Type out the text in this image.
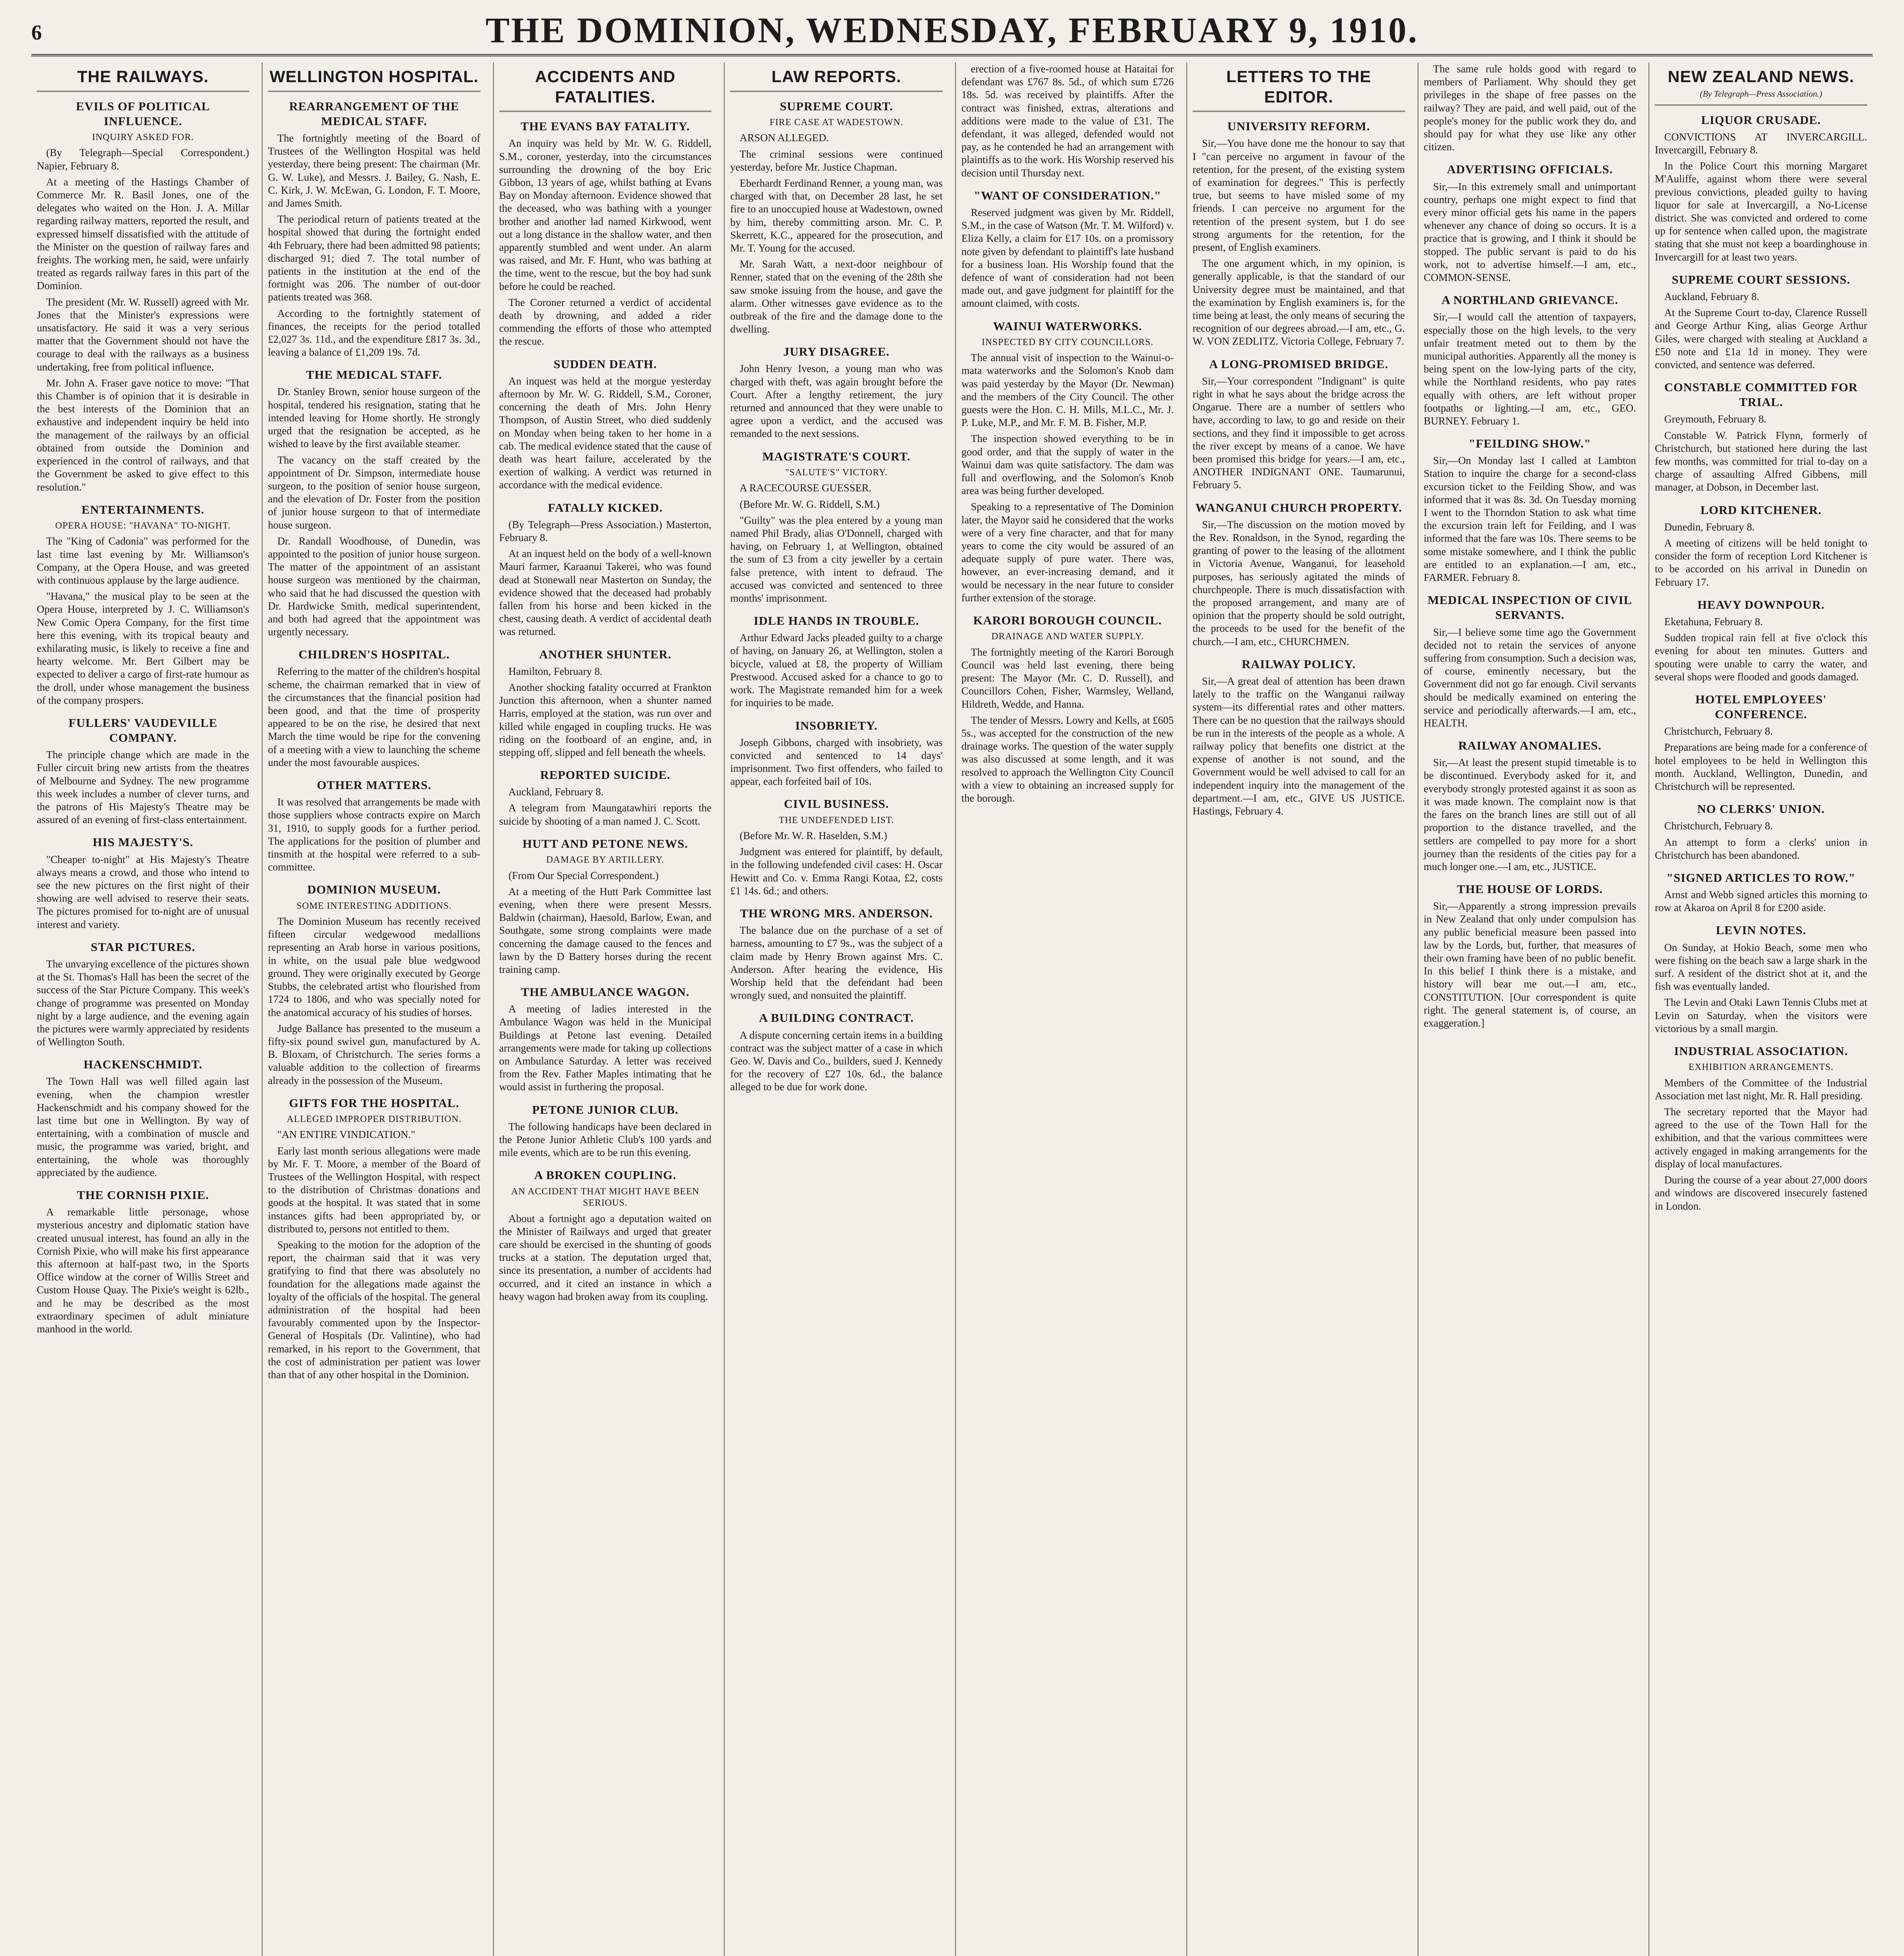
6	THE DOMINION, WEDNESDAY, FEBRUARY 9, 1910.
THE RAILWAYS.
EVILS OF POLITICAL INFLUENCE.
INQUIRY ASKED FOR.

(By Telegraph—Special Correspondent.) Napier, February 8.

At a meeting of the Hastings Chamber of Commerce Mr. R. Basil Jones, one of the delegates who waited on the Hon. J. A. Millar regarding railway matters, reported the result, and expressed himself dissatisfied with the attitude of the Minister on the question of railway fares and freights. The working men, he said, were unfairly treated as regards railway fares in this part of the Dominion.

The president (Mr. W. Russell) agreed with Mr. Jones that the Minister's expressions were unsatisfactory. He said it was a very serious matter that the Government should not have the courage to deal with the railways as a business undertaking, free from political influence.

Mr. John A. Fraser gave notice to move: "That this Chamber is of opinion that it is desirable in the best interests of the Dominion that an exhaustive and independent inquiry be held into the management of the railways by an official obtained from outside the Dominion and experienced in the control of railways, and that the Government be asked to give effect to this resolution."

ENTERTAINMENTS.
OPERA HOUSE: "HAVANA" TO-NIGHT.

The "King of Cadonia" was performed for the last time last evening by Mr. Williamson's Company, at the Opera House, and was greeted with continuous applause by the large audience.

"Havana," the musical play to be seen at the Opera House, interpreted by J. C. Williamson's New Comic Opera Company, for the first time here this evening, with its tropical beauty and exhilarating music, is likely to receive a fine and hearty welcome. Mr. Bert Gilbert may be expected to deliver a cargo of first-rate humour as the droll, under whose management the business of the company prospers.

FULLERS' VAUDEVILLE COMPANY.

The principle change which are made in the Fuller circuit bring new artists from the theatres of Melbourne and Sydney. The new programme this week includes a number of clever turns, and the patrons of His Majesty's Theatre may be assured of an evening of first-class entertainment.

HIS MAJESTY'S.

"Cheaper to-night" at His Majesty's Theatre always means a crowd, and those who intend to see the new pictures on the first night of their showing are well advised to reserve their seats. The pictures promised for to-night are of unusual interest and variety.

STAR PICTURES.

The unvarying excellence of the pictures shown at the St. Thomas's Hall has been the secret of the success of the Star Picture Company. This week's change of programme was presented on Monday night by a large audience, and the evening again the pictures were warmly appreciated by residents of Wellington South.

HACKENSCHMIDT.

The Town Hall was well filled again last evening, when the champion wrestler Hackenschmidt and his company showed for the last time but one in Wellington. By way of entertaining, with a combination of muscle and music, the programme was varied, bright, and entertaining, the whole was thoroughly appreciated by the audience.

THE CORNISH PIXIE.

A remarkable little personage, whose mysterious ancestry and diplomatic station have created unusual interest, has found an ally in the Cornish Pixie, who will make his first appearance this afternoon at half-past two, in the Sports Office window at the corner of Willis Street and Custom House Quay. The Pixie's weight is 62lb., and he may be described as the most extraordinary specimen of adult miniature manhood in the world.

WELLINGTON HOSPITAL.
REARRANGEMENT OF THE MEDICAL STAFF.

The fortnightly meeting of the Board of Trustees of the Wellington Hospital was held yesterday, there being present: The chairman (Mr. G. W. Luke), and Messrs. J. Bailey, G. Nash, E. C. Kirk, J. W. McEwan, G. London, F. T. Moore, and James Smith.

The periodical return of patients treated at the hospital showed that during the fortnight ended 4th February, there had been admitted 98 patients; discharged 91; died 7. The total number of patients in the institution at the end of the fortnight was 206. The number of out-door patients treated was 368.

According to the fortnightly statement of finances, the receipts for the period totalled £2,027 3s. 11d., and the expenditure £817 3s. 3d., leaving a balance of £1,209 19s. 7d.

THE MEDICAL STAFF.

Dr. Stanley Brown, senior house surgeon of the hospital, tendered his resignation, stating that he intended leaving for Home shortly. He strongly urged that the resignation be accepted, as he wished to leave by the first available steamer.

The vacancy on the staff created by the appointment of Dr. Simpson, intermediate house surgeon, to the position of senior house surgeon, and the elevation of Dr. Foster from the position of junior house surgeon to that of intermediate house surgeon.

Dr. Randall Woodhouse, of Dunedin, was appointed to the position of junior house surgeon. The matter of the appointment of an assistant house surgeon was mentioned by the chairman, who said that he had discussed the question with Dr. Hardwicke Smith, medical superintendent, and both had agreed that the appointment was urgently necessary.

CHILDREN'S HOSPITAL.

Referring to the matter of the children's hospital scheme, the chairman remarked that in view of the circumstances that the financial position had been good, and that the time of prosperity appeared to be on the rise, he desired that next March the time would be ripe for the convening of a meeting with a view to launching the scheme under the most favourable auspices.

OTHER MATTERS.

It was resolved that arrangements be made with those suppliers whose contracts expire on March 31, 1910, to supply goods for a further period. The applications for the position of plumber and tinsmith at the hospital were referred to a sub-committee.

DOMINION MUSEUM.
SOME INTERESTING ADDITIONS.

The Dominion Museum has recently received fifteen circular wedgewood medallions representing an Arab horse in various positions, in white, on the usual pale blue wedgwood ground. They were originally executed by George Stubbs, the celebrated artist who flourished from 1724 to 1806, and who was specially noted for the anatomical accuracy of his studies of horses.

Judge Ballance has presented to the museum a fifty-six pound swivel gun, manufactured by A. B. Bloxam, of Christchurch. The series forms a valuable addition to the collection of firearms already in the possession of the Museum.

GIFTS FOR THE HOSPITAL.
ALLEGED IMPROPER DISTRIBUTION.

"AN ENTIRE VINDICATION."

Early last month serious allegations were made by Mr. F. T. Moore, a member of the Board of Trustees of the Wellington Hospital, with respect to the distribution of Christmas donations and goods at the hospital. It was stated that in some instances gifts had been appropriated by, or distributed to, persons not entitled to them.

Speaking to the motion for the adoption of the report, the chairman said that it was very gratifying to find that there was absolutely no foundation for the allegations made against the loyalty of the officials of the hospital. The general administration of the hospital had been favourably commented upon by the Inspector-General of Hospitals (Dr. Valintine), who had remarked, in his report to the Government, that the cost of administration per patient was lower than that of any other hospital in the Dominion.

ACCIDENTS AND FATALITIES.
THE EVANS BAY FATALITY.

An inquiry was held by Mr. W. G. Riddell, S.M., coroner, yesterday, into the circumstances surrounding the drowning of the boy Eric Gibbon, 13 years of age, whilst bathing at Evans Bay on Monday afternoon. Evidence showed that the deceased, who was bathing with a younger brother and another lad named Kirkwood, went out a long distance in the shallow water, and then apparently stumbled and went under. An alarm was raised, and Mr. F. Hunt, who was bathing at the time, went to the rescue, but the boy had sunk before he could be reached.

The Coroner returned a verdict of accidental death by drowning, and added a rider commending the efforts of those who attempted the rescue.

SUDDEN DEATH.

An inquest was held at the morgue yesterday afternoon by Mr. W. G. Riddell, S.M., Coroner, concerning the death of Mrs. John Henry Thompson, of Austin Street, who died suddenly on Monday when being taken to her home in a cab. The medical evidence stated that the cause of death was heart failure, accelerated by the exertion of walking. A verdict was returned in accordance with the medical evidence.

FATALLY KICKED.

(By Telegraph—Press Association.) Masterton, February 8.

At an inquest held on the body of a well-known Mauri farmer, Karaanui Takerei, who was found dead at Stonewall near Masterton on Sunday, the evidence showed that the deceased had probably fallen from his horse and been kicked in the chest, causing death. A verdict of accidental death was returned.

ANOTHER SHUNTER.

Hamilton, February 8.

Another shocking fatality occurred at Frankton Junction this afternoon, when a shunter named Harris, employed at the station, was run over and killed while engaged in coupling trucks. He was riding on the footboard of an engine, and, in stepping off, slipped and fell beneath the wheels.

REPORTED SUICIDE.

Auckland, February 8.

A telegram from Maungatawhiri reports the suicide by shooting of a man named J. C. Scott.

HUTT AND PETONE NEWS.
DAMAGE BY ARTILLERY.

(From Our Special Correspondent.)

At a meeting of the Hutt Park Committee last evening, when there were present Messrs. Baldwin (chairman), Haesold, Barlow, Ewan, and Southgate, some strong complaints were made concerning the damage caused to the fences and lawn by the D Battery horses during the recent training camp.

THE AMBULANCE WAGON.

A meeting of ladies interested in the Ambulance Wagon was held in the Municipal Buildings at Petone last evening. Detailed arrangements were made for taking up collections on Ambulance Saturday. A letter was received from the Rev. Father Maples intimating that he would assist in furthering the proposal.

PETONE JUNIOR CLUB.

The following handicaps have been declared in the Petone Junior Athletic Club's 100 yards and mile events, which are to be run this evening.

A BROKEN COUPLING.
AN ACCIDENT THAT MIGHT HAVE BEEN SERIOUS.

About a fortnight ago a deputation waited on the Minister of Railways and urged that greater care should be exercised in the shunting of goods trucks at a station. The deputation urged that, since its presentation, a number of accidents had occurred, and it cited an instance in which a heavy wagon had broken away from its coupling.

LAW REPORTS.
SUPREME COURT.
FIRE CASE AT WADESTOWN.

ARSON ALLEGED.

The criminal sessions were continued yesterday, before Mr. Justice Chapman.

Eberhardt Ferdinand Renner, a young man, was charged with that, on December 28 last, he set fire to an unoccupied house at Wadestown, owned by him, thereby committing arson. Mr. C. P. Skerrett, K.C., appeared for the prosecution, and Mr. T. Young for the accused.

Mr. Sarah Watt, a next-door neighbour of Renner, stated that on the evening of the 28th she saw smoke issuing from the house, and gave the alarm. Other witnesses gave evidence as to the outbreak of the fire and the damage done to the dwelling.

JURY DISAGREE.

John Henry Iveson, a young man who was charged with theft, was again brought before the Court. After a lengthy retirement, the jury returned and announced that they were unable to agree upon a verdict, and the accused was remanded to the next sessions.

MAGISTRATE'S COURT.
"SALUTE'S" VICTORY.

A RACECOURSE GUESSER.

(Before Mr. W. G. Riddell, S.M.)

"Guilty" was the plea entered by a young man named Phil Brady, alias O'Donnell, charged with having, on February 1, at Wellington, obtained the sum of £3 from a city jeweller by a certain false pretence, with intent to defraud. The accused was convicted and sentenced to three months' imprisonment.

IDLE HANDS IN TROUBLE.

Arthur Edward Jacks pleaded guilty to a charge of having, on January 26, at Wellington, stolen a bicycle, valued at £8, the property of William Prestwood. Accused asked for a chance to go to work. The Magistrate remanded him for a week for inquiries to be made.

INSOBRIETY.

Joseph Gibbons, charged with insobriety, was convicted and sentenced to 14 days' imprisonment. Two first offenders, who failed to appear, each forfeited bail of 10s.

CIVIL BUSINESS.
THE UNDEFENDED LIST.

(Before Mr. W. R. Haselden, S.M.)

Judgment was entered for plaintiff, by default, in the following undefended civil cases: H. Oscar Hewitt and Co. v. Emma Rangi Kotaa, £2, costs £1 14s. 6d.; and others.

THE WRONG MRS. ANDERSON.

The balance due on the purchase of a set of harness, amounting to £7 9s., was the subject of a claim made by Henry Brown against Mrs. C. Anderson. After hearing the evidence, His Worship held that the defendant had been wrongly sued, and nonsuited the plaintiff.

A BUILDING CONTRACT.

A dispute concerning certain items in a building contract was the subject matter of a case in which Geo. W. Davis and Co., builders, sued J. Kennedy for the recovery of £27 10s. 6d., the balance alleged to be due for work done.

erection of a five-roomed house at Hataitai for defendant was £767 8s. 5d., of which sum £726 18s. 5d. was received by plaintiffs. After the contract was finished, extras, alterations and additions were made to the value of £31. The defendant, it was alleged, defended would not pay, as he contended he had an arrangement with plaintiffs as to the work. His Worship reserved his decision until Thursday next.

"WANT OF CONSIDERATION."

Reserved judgment was given by Mr. Riddell, S.M., in the case of Watson (Mr. T. M. Wilford) v. Eliza Kelly, a claim for £17 10s. on a promissory note given by defendant to plaintiff's late husband for a business loan. His Worship found that the defence of want of consideration had not been made out, and gave judgment for plaintiff for the amount claimed, with costs.

WAINUI WATERWORKS.
INSPECTED BY CITY COUNCILLORS.

The annual visit of inspection to the Wainui-o-mata waterworks and the Solomon's Knob dam was paid yesterday by the Mayor (Dr. Newman) and the members of the City Council. The other guests were the Hon. C. H. Mills, M.L.C., Mr. J. P. Luke, M.P., and Mr. F. M. B. Fisher, M.P.

The inspection showed everything to be in good order, and that the supply of water in the Wainui dam was quite satisfactory. The dam was full and overflowing, and the Solomon's Knob area was being further developed.

Speaking to a representative of The Dominion later, the Mayor said he considered that the works were of a very fine character, and that for many years to come the city would be assured of an adequate supply of pure water. There was, however, an ever-increasing demand, and it would be necessary in the near future to consider further extension of the storage.

KARORI BOROUGH COUNCIL.
DRAINAGE AND WATER SUPPLY.

The fortnightly meeting of the Karori Borough Council was held last evening, there being present: The Mayor (Mr. C. D. Russell), and Councillors Cohen, Fisher, Warmsley, Welland, Hildreth, Wedde, and Hanna.

The tender of Messrs. Lowry and Kells, at £605 5s., was accepted for the construction of the new drainage works. The question of the water supply was also discussed at some length, and it was resolved to approach the Wellington City Council with a view to obtaining an increased supply for the borough.

LETTERS TO THE EDITOR.
UNIVERSITY REFORM.

Sir,—You have done me the honour to say that I "can perceive no argument in favour of the retention, for the present, of the existing system of examination for degrees." This is perfectly true, but seems to have misled some of my friends. I can perceive no argument for the retention of the present system, but I do see strong arguments for the retention, for the present, of English examiners.

The one argument which, in my opinion, is generally applicable, is that the standard of our University degree must be maintained, and that the examination by English examiners is, for the time being at least, the only means of securing the recognition of our degrees abroad.—I am, etc., G. W. VON ZEDLITZ. Victoria College, February 7.

A LONG-PROMISED BRIDGE.

Sir,—Your correspondent "Indignant" is quite right in what he says about the bridge across the Ongarue. There are a number of settlers who have, according to law, to go and reside on their sections, and they find it impossible to get across the river except by means of a canoe. We have been promised this bridge for years.—I am, etc., ANOTHER INDIGNANT ONE. Taumarunui, February 5.

WANGANUI CHURCH PROPERTY.

Sir,—The discussion on the motion moved by the Rev. Ronaldson, in the Synod, regarding the granting of power to the leasing of the allotment in Victoria Avenue, Wanganui, for leasehold purposes, has seriously agitated the minds of churchpeople. There is much dissatisfaction with the proposed arrangement, and many are of opinion that the property should be sold outright, the proceeds to be used for the benefit of the church.—I am, etc., CHURCHMEN.

RAILWAY POLICY.

Sir,—A great deal of attention has been drawn lately to the traffic on the Wanganui railway system—its differential rates and other matters. There can be no question that the railways should be run in the interests of the people as a whole. A railway policy that benefits one district at the expense of another is not sound, and the Government would be well advised to call for an independent inquiry into the management of the department.—I am, etc., GIVE US JUSTICE. Hastings, February 4.

The same rule holds good with regard to members of Parliament. Why should they get privileges in the shape of free passes on the railway? They are paid, and well paid, out of the people's money for the public work they do, and should pay for what they use like any other citizen.

ADVERTISING OFFICIALS.

Sir,—In this extremely small and unimportant country, perhaps one might expect to find that every minor official gets his name in the papers whenever any chance of doing so occurs. It is a practice that is growing, and I think it should be stopped. The public servant is paid to do his work, not to advertise himself.—I am, etc., COMMON-SENSE.

A NORTHLAND GRIEVANCE.

Sir,—I would call the attention of taxpayers, especially those on the high levels, to the very unfair treatment meted out to them by the municipal authorities. Apparently all the money is being spent on the low-lying parts of the city, while the Northland residents, who pay rates equally with others, are left without proper footpaths or lighting.—I am, etc., GEO. BURNEY. February 1.

"FEILDING SHOW."

Sir,—On Monday last I called at Lambton Station to inquire the charge for a second-class excursion ticket to the Feilding Show, and was informed that it was 8s. 3d. On Tuesday morning I went to the Thorndon Station to ask what time the excursion train left for Feilding, and I was informed that the fare was 10s. There seems to be some mistake somewhere, and I think the public are entitled to an explanation.—I am, etc., FARMER. February 8.

MEDICAL INSPECTION OF CIVIL SERVANTS.

Sir,—I believe some time ago the Government decided not to retain the services of anyone suffering from consumption. Such a decision was, of course, eminently necessary, but the Government did not go far enough. Civil servants should be medically examined on entering the service and periodically afterwards.—I am, etc., HEALTH.

RAILWAY ANOMALIES.

Sir,—At least the present stupid timetable is to be discontinued. Everybody asked for it, and everybody strongly protested against it as soon as it was made known. The complaint now is that the fares on the branch lines are still out of all proportion to the distance travelled, and the settlers are compelled to pay more for a short journey than the residents of the cities pay for a much longer one.—I am, etc., JUSTICE.

THE HOUSE OF LORDS.

Sir,—Apparently a strong impression prevails in New Zealand that only under compulsion has any public beneficial measure been passed into law by the Lords, but, further, that measures of their own framing have been of no public benefit. In this belief I think there is a mistake, and history will bear me out.—I am, etc., CONSTITUTION. [Our correspondent is quite right. The general statement is, of course, an exaggeration.]

NEW ZEALAND NEWS.
(By Telegraph—Press Association.)
LIQUOR CRUSADE.

CONVICTIONS AT INVERCARGILL. Invercargill, February 8.

In the Police Court this morning Margaret M'Auliffe, against whom there were several previous convictions, pleaded guilty to having liquor for sale at Invercargill, a No-License district. She was convicted and ordered to come up for sentence when called upon, the magistrate stating that she must not keep a boardinghouse in Invercargill for at least two years.

SUPREME COURT SESSIONS.

Auckland, February 8.

At the Supreme Court to-day, Clarence Russell and George Arthur King, alias George Arthur Giles, were charged with stealing at Auckland a £50 note and £1a 1d in money. They were convicted, and sentence was deferred.

CONSTABLE COMMITTED FOR TRIAL.

Greymouth, February 8.

Constable W. Patrick Flynn, formerly of Christchurch, but stationed here during the last few months, was committed for trial to-day on a charge of assaulting Alfred Gibbens, mill manager, at Dobson, in December last.

LORD KITCHENER.

Dunedin, February 8.

A meeting of citizens will be held tonight to consider the form of reception Lord Kitchener is to be accorded on his arrival in Dunedin on February 17.

HEAVY DOWNPOUR.

Eketahuna, February 8.

Sudden tropical rain fell at five o'clock this evening for about ten minutes. Gutters and spouting were unable to carry the water, and several shops were flooded and goods damaged.

HOTEL EMPLOYEES' CONFERENCE.

Christchurch, February 8.

Preparations are being made for a conference of hotel employees to be held in Wellington this month. Auckland, Wellington, Dunedin, and Christchurch will be represented.

NO CLERKS' UNION.

Christchurch, February 8.

An attempt to form a clerks' union in Christchurch has been abandoned.

"SIGNED ARTICLES TO ROW."

Arnst and Webb signed articles this morning to row at Akaroa on April 8 for £200 aside.

LEVIN NOTES.

On Sunday, at Hokio Beach, some men who were fishing on the beach saw a large shark in the surf. A resident of the district shot at it, and the fish was eventually landed.

The Levin and Otaki Lawn Tennis Clubs met at Levin on Saturday, when the visitors were victorious by a small margin.

INDUSTRIAL ASSOCIATION.
EXHIBITION ARRANGEMENTS.

Members of the Committee of the Industrial Association met last night, Mr. R. Hall presiding.

The secretary reported that the Mayor had agreed to the use of the Town Hall for the exhibition, and that the various committees were actively engaged in making arrangements for the display of local manufactures.

During the course of a year about 27,000 doors and windows are discovered insecurely fastened in London.
